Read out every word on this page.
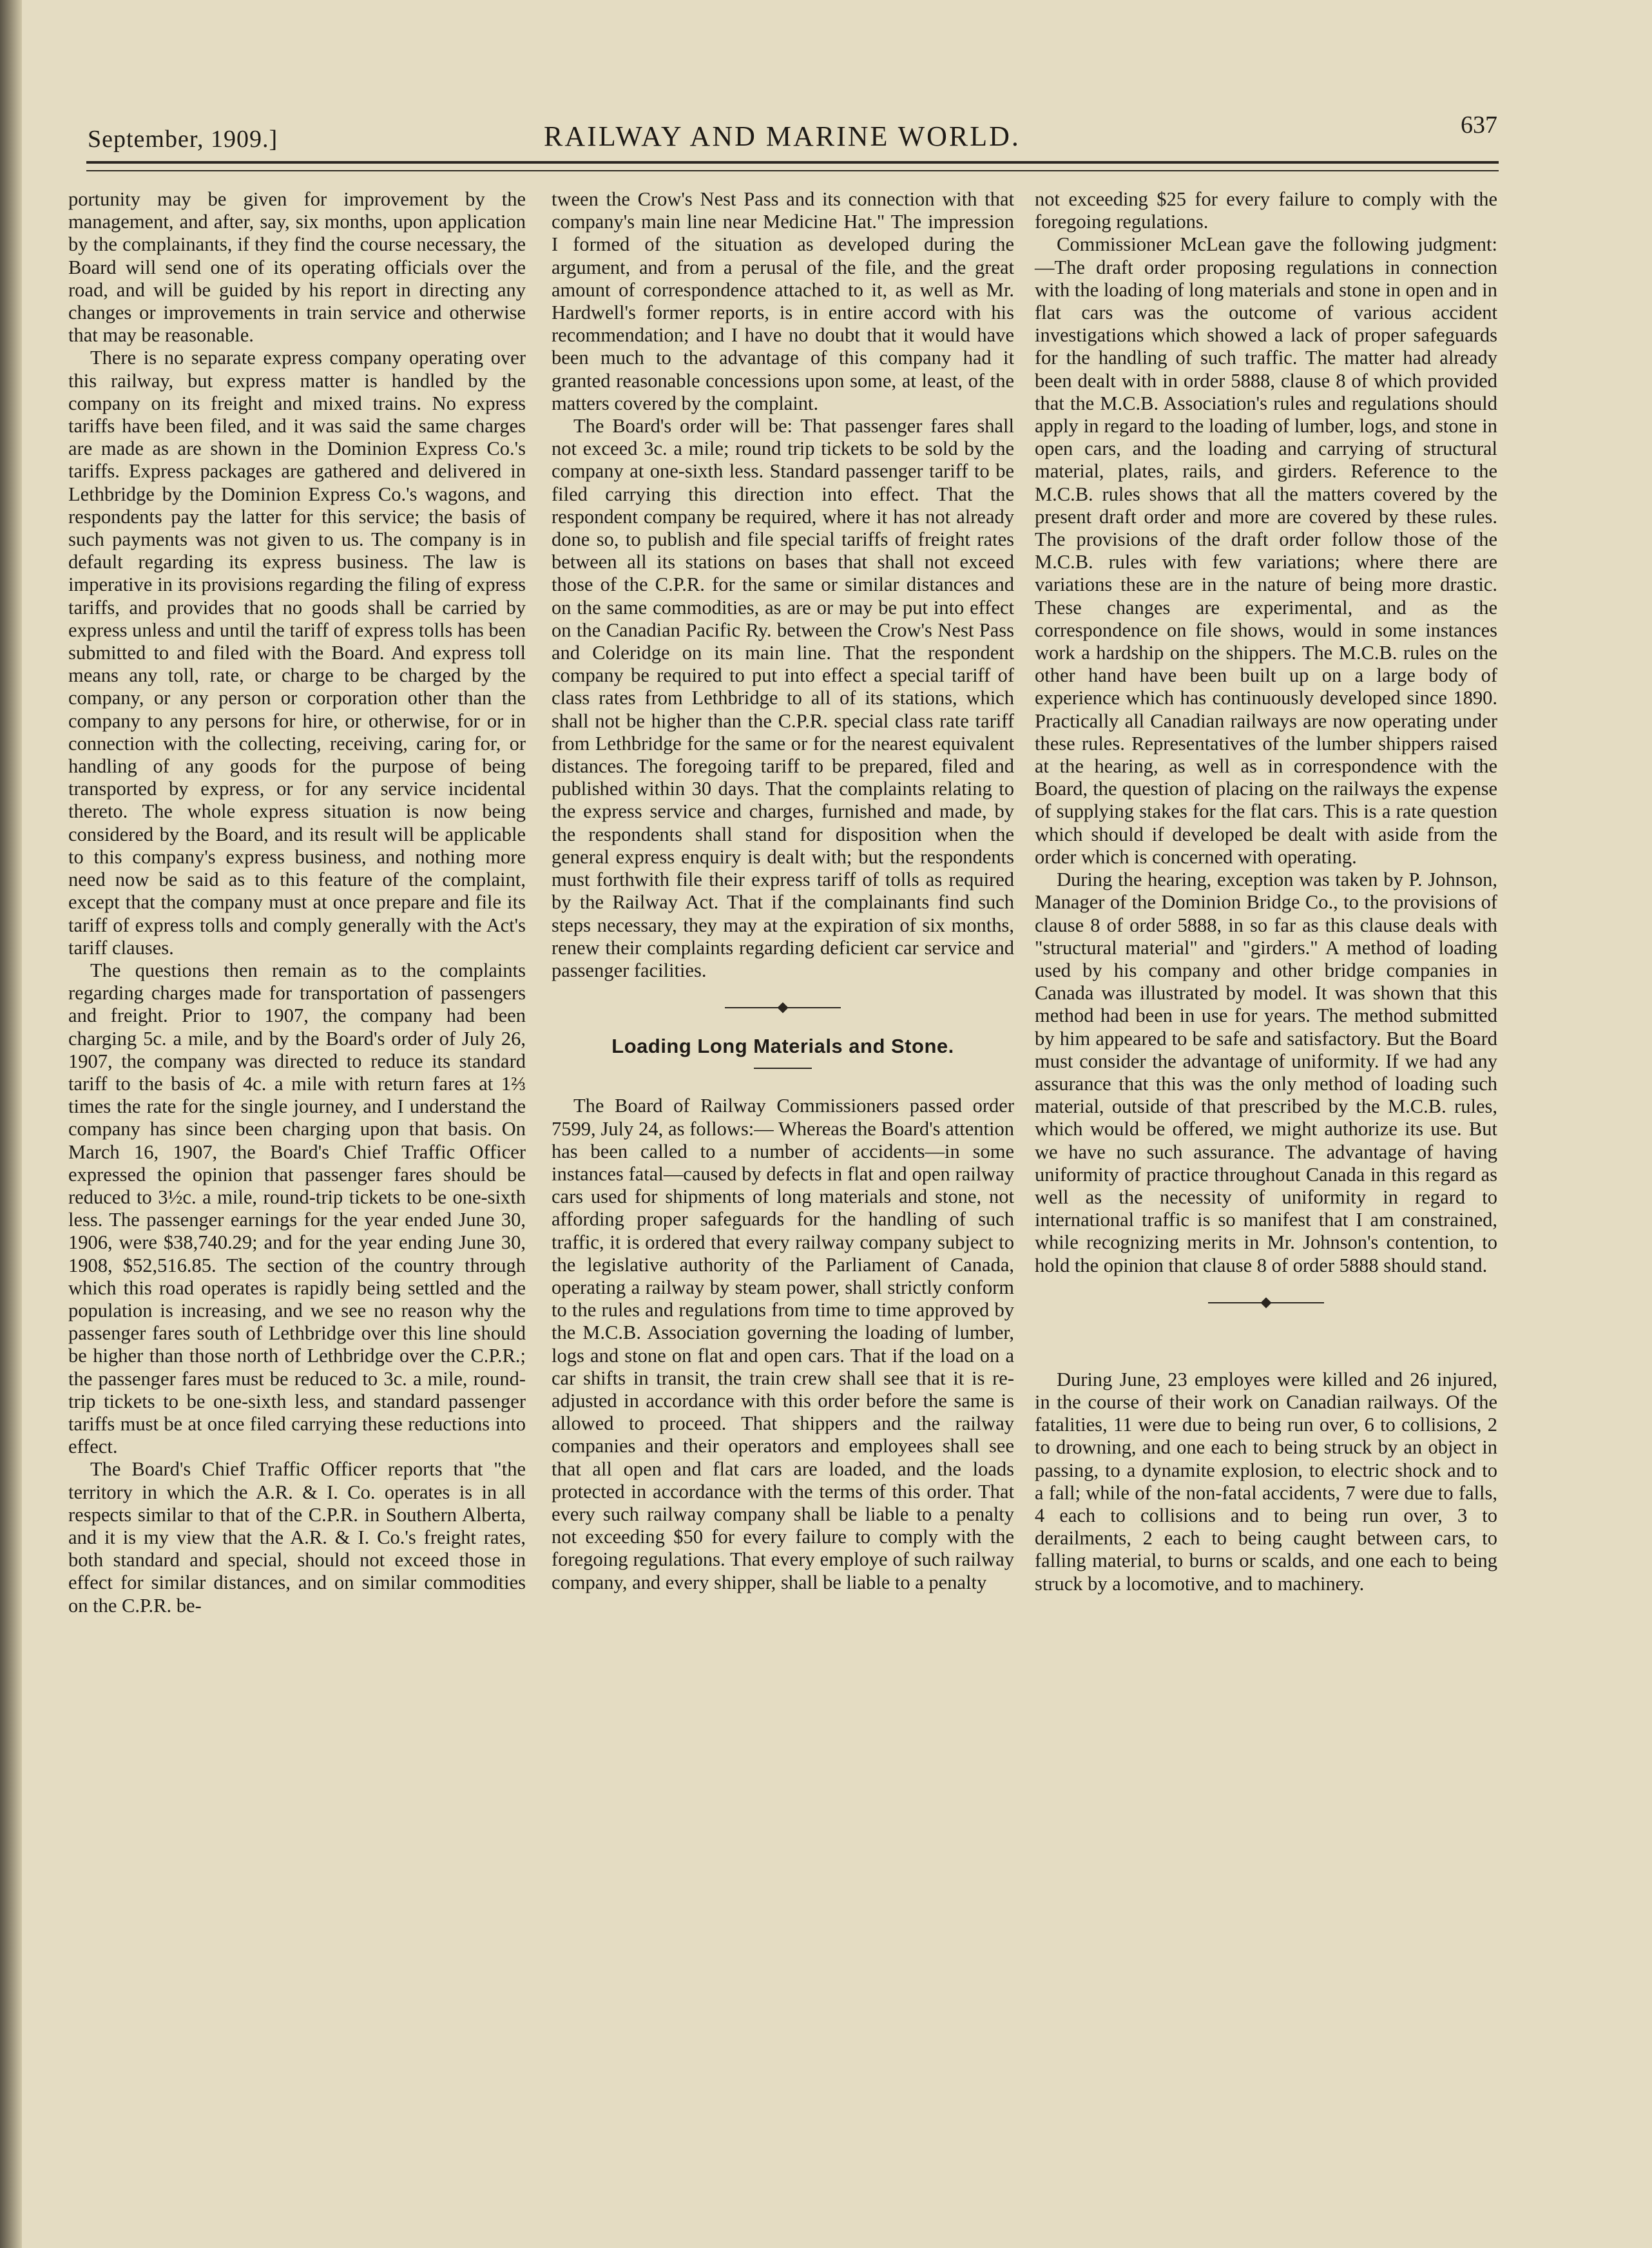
September, 1909.]	RAILWAY AND MARINE WORLD.	637

portunity may be given for improvement by the management, and after, say, six months, upon application by the complainants, if they find the course necessary, the Board will send one of its operating officials over the road, and will be guided by his report in directing any changes or improvements in train service and otherwise that may be reasonable.

There is no separate express company operating over this railway, but express matter is handled by the company on its freight and mixed trains. No express tariffs have been filed, and it was said the same charges are made as are shown in the Dominion Express Co.'s tariffs. Express packages are gathered and delivered in Lethbridge by the Dominion Express Co.'s wagons, and respondents pay the latter for this service; the basis of such payments was not given to us. The company is in default regarding its express business. The law is imperative in its provisions regarding the filing of express tariffs, and provides that no goods shall be carried by express unless and until the tariff of express tolls has been submitted to and filed with the Board. And express toll means any toll, rate, or charge to be charged by the company, or any person or corporation other than the company to any persons for hire, or otherwise, for or in connection with the collecting, receiving, caring for, or handling of any goods for the purpose of being transported by express, or for any service incidental thereto. The whole express situation is now being considered by the Board, and its result will be applicable to this company's express business, and nothing more need now be said as to this feature of the complaint, except that the company must at once prepare and file its tariff of express tolls and comply generally with the Act's tariff clauses.

The questions then remain as to the complaints regarding charges made for transportation of passengers and freight. Prior to 1907, the company had been charging 5c. a mile, and by the Board's order of July 26, 1907, the company was directed to reduce its standard tariff to the basis of 4c. a mile with return fares at 1⅔ times the rate for the single journey, and I understand the company has since been charging upon that basis. On March 16, 1907, the Board's Chief Traffic Officer expressed the opinion that passenger fares should be reduced to 3½c. a mile, round-trip tickets to be one-sixth less. The passenger earnings for the year ended June 30, 1906, were $38,740.29; and for the year ending June 30, 1908, $52,516.85. The section of the country through which this road operates is rapidly being settled and the population is increasing, and we see no reason why the passenger fares south of Lethbridge over this line should be higher than those north of Lethbridge over the C.P.R.; the passenger fares must be reduced to 3c. a mile, round-trip tickets to be one-sixth less, and standard passenger tariffs must be at once filed carrying these reductions into effect.

The Board's Chief Traffic Officer reports that "the territory in which the A.R. & I. Co. operates is in all respects similar to that of the C.P.R. in Southern Alberta, and it is my view that the A.R. & I. Co.'s freight rates, both standard and special, should not exceed those in effect for similar distances, and on similar commodities on the C.P.R. be-

tween the Crow's Nest Pass and its connection with that company's main line near Medicine Hat." The impression I formed of the situation as developed during the argument, and from a perusal of the file, and the great amount of correspondence attached to it, as well as Mr. Hardwell's former reports, is in entire accord with his recommendation; and I have no doubt that it would have been much to the advantage of this company had it granted reasonable concessions upon some, at least, of the matters covered by the complaint.

The Board's order will be: That passenger fares shall not exceed 3c. a mile; round trip tickets to be sold by the company at one-sixth less. Standard passenger tariff to be filed carrying this direction into effect. That the respondent company be required, where it has not already done so, to publish and file special tariffs of freight rates between all its stations on bases that shall not exceed those of the C.P.R. for the same or similar distances and on the same commodities, as are or may be put into effect on the Canadian Pacific Ry. between the Crow's Nest Pass and Coleridge on its main line. That the respondent company be required to put into effect a special tariff of class rates from Lethbridge to all of its stations, which shall not be higher than the C.P.R. special class rate tariff from Lethbridge for the same or for the nearest equivalent distances. The foregoing tariff to be prepared, filed and published within 30 days. That the complaints relating to the express service and charges, furnished and made, by the respondents shall stand for disposition when the general express enquiry is dealt with; but the respondents must forthwith file their express tariff of tolls as required by the Railway Act. That if the complainants find such steps necessary, they may at the expiration of six months, renew their complaints regarding deficient car service and passenger facilities.

Loading Long Materials and Stone.

The Board of Railway Commissioners passed order 7599, July 24, as follows:— Whereas the Board's attention has been called to a number of accidents—in some instances fatal—caused by defects in flat and open railway cars used for shipments of long materials and stone, not affording proper safeguards for the handling of such traffic, it is ordered that every railway company subject to the legislative authority of the Parliament of Canada, operating a railway by steam power, shall strictly conform to the rules and regulations from time to time approved by the M.C.B. Association governing the loading of lumber, logs and stone on flat and open cars. That if the load on a car shifts in transit, the train crew shall see that it is re-adjusted in accordance with this order before the same is allowed to proceed. That shippers and the railway companies and their operators and employees shall see that all open and flat cars are loaded, and the loads protected in accordance with the terms of this order. That every such railway company shall be liable to a penalty not exceeding $50 for every failure to comply with the foregoing regulations. That every employe of such railway company, and every shipper, shall be liable to a penalty

not exceeding $25 for every failure to comply with the foregoing regulations.

Commissioner McLean gave the following judgment:—The draft order proposing regulations in connection with the loading of long materials and stone in open and in flat cars was the outcome of various accident investigations which showed a lack of proper safeguards for the handling of such traffic. The matter had already been dealt with in order 5888, clause 8 of which provided that the M.C.B. Association's rules and regulations should apply in regard to the loading of lumber, logs, and stone in open cars, and the loading and carrying of structural material, plates, rails, and girders. Reference to the M.C.B. rules shows that all the matters covered by the present draft order and more are covered by these rules. The provisions of the draft order follow those of the M.C.B. rules with few variations; where there are variations these are in the nature of being more drastic. These changes are experimental, and as the correspondence on file shows, would in some instances work a hardship on the shippers. The M.C.B. rules on the other hand have been built up on a large body of experience which has continuously developed since 1890. Practically all Canadian railways are now operating under these rules. Representatives of the lumber shippers raised at the hearing, as well as in correspondence with the Board, the question of placing on the railways the expense of supplying stakes for the flat cars. This is a rate question which should if developed be dealt with aside from the order which is concerned with operating.

During the hearing, exception was taken by P. Johnson, Manager of the Dominion Bridge Co., to the provisions of clause 8 of order 5888, in so far as this clause deals with "structural material" and "girders." A method of loading used by his company and other bridge companies in Canada was illustrated by model. It was shown that this method had been in use for years. The method submitted by him appeared to be safe and satisfactory. But the Board must consider the advantage of uniformity. If we had any assurance that this was the only method of loading such material, outside of that prescribed by the M.C.B. rules, which would be offered, we might authorize its use. But we have no such assurance. The advantage of having uniformity of practice throughout Canada in this regard as well as the necessity of uniformity in regard to international traffic is so manifest that I am constrained, while recognizing merits in Mr. Johnson's contention, to hold the opinion that clause 8 of order 5888 should stand.

During June, 23 employes were killed and 26 injured, in the course of their work on Canadian railways. Of the fatalities, 11 were due to being run over, 6 to collisions, 2 to drowning, and one each to being struck by an object in passing, to a dynamite explosion, to electric shock and to a fall; while of the non-fatal accidents, 7 were due to falls, 4 each to collisions and to being run over, 3 to derailments, 2 each to being caught between cars, to falling material, to burns or scalds, and one each to being struck by a locomotive, and to machinery.
